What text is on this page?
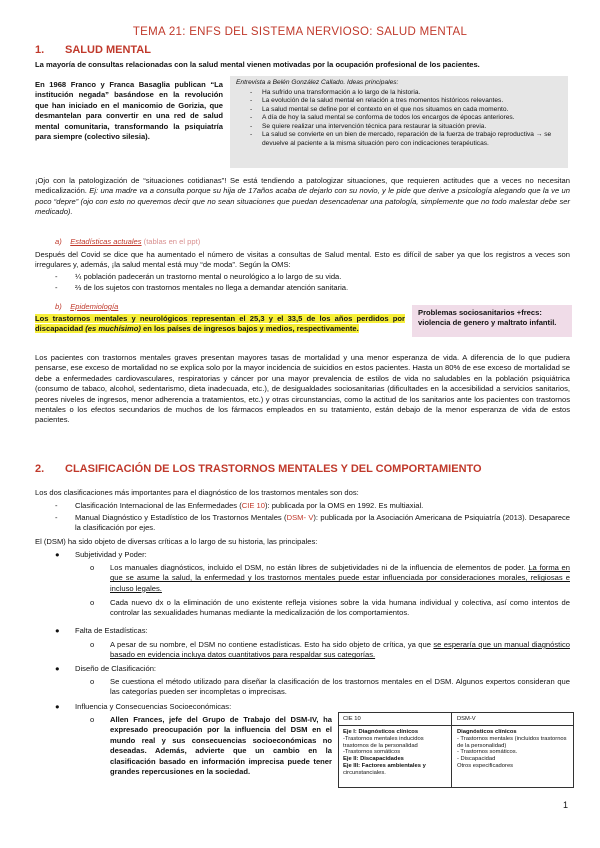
TEMA 21: ENFS DEL SISTEMA NERVIOSO: SALUD MENTAL
1. SALUD MENTAL
La mayoría de consultas relacionadas con la salud mental vienen motivadas por la ocupación profesional de los pacientes.
En 1968 Franco y Franca Basaglia publican “La institución negada” basándose en la revolución que han iniciado en el manicomio de Gorizia, que desmantelan para convertir en una red de salud mental comunitaria, transformando la psiquiatría para siempre (colectivo silesia).
Entrevista a Belén González Callado. Ideas principales:
- Ha sufrido una transformación a lo largo de la historia.
- La evolución de la salud mental en relación a tres momentos históricos relevantes.
- La salud mental se define por el contexto en el que nos situamos en cada momento.
- A día de hoy la salud mental se conforma de todos los encargos de épocas anteriores.
- Se quiere realizar una intervención técnica para restaurar la situación previa.
- La salud se convierte en un bien de mercado, reparación de la fuerza de trabajo reproductiva → se devuelve al paciente a la misma situación pero con indicaciones terapéuticas.
¡Ojo con la patologización de “situaciones cotidianas”! Se está tendiendo a patologizar situaciones, que requieren actitudes que a veces no necesitan medicalización. Ej: una madre va a consulta porque su hija de 17años acaba de dejarlo con su novio, y le pide que derive a psicología alegando que la ve un poco “depre” (ojo con esto no queremos decir que no sean situaciones que puedan desencadenar una patología, simplemente que no todo malestar debe ser medicado).
a) Estadísticas actuales (tablas en el ppt)
Después del Covid se dice que ha aumentado el número de visitas a consultas de Salud mental. Esto es difícil de saber ya que los registros a veces son irregulares y, además, ¡la salud mental está muy “de moda”. Según la OMS:
- ¼ población padecerán un trastorno mental o neurológico a lo largo de su vida.
- ⅔ de los sujetos con trastornos mentales no llega a demandar atención sanitaria.
b) Epidemiología
Los trastornos mentales y neurológicos representan el 25,3 y el 33,5 de los años perdidos por discapacidad (es muchísimo) en los países de ingresos bajos y medios, respectivamente.
Problemas sociosanitarios +frecs: violencia de genero y maltrato infantil.
Los pacientes con trastornos mentales graves presentan mayores tasas de mortalidad y una menor esperanza de vida. A diferencia de lo que pudiera pensarse, ese exceso de mortalidad no se explica solo por la mayor incidencia de suicidios en estos pacientes. Hasta un 80% de ese exceso de mortalidad se debe a enfermedades cardiovasculares, respiratorias y cáncer por una mayor prevalencia de estilos de vida no saludables en la población psiquiátrica (consumo de tabaco, alcohol, sedentarismo, dieta inadecuada, etc.), de desigualdades sociosanitarias (dificultades en la accesibilidad a servicios sanitarios, peores niveles de ingresos, menor adherencia a tratamientos, etc.) y otras circunstancias, como la actitud de los sanitarios ante los pacientes con trastornos mentales o los efectos secundarios de muchos de los fármacos empleados en su tratamiento, están debajo de la menor esperanza de vida de estos pacientes.
2. CLASIFICACIÓN DE LOS TRASTORNOS MENTALES Y DEL COMPORTAMIENTO
Los dos clasificaciones más importantes para el diagnóstico de los trastornos mentales son dos:
- Clasificación Internacional de las Enfermedades (CIE 10): publicada por la OMS en 1992. Es multiaxial.
- Manual Diagnóstico y Estadístico de los Trastornos Mentales (DSM- V): publicada por la Asociación Americana de Psiquiatría (2013). Desaparece la clasificación por ejes.
El (DSM) ha sido objeto de diversas críticas a lo largo de su historia, las principales:
● Subjetividad y Poder:
o Los manuales diagnósticos, incluido el DSM, no están libres de subjetividades ni de la influencia de elementos de poder. La forma en que se asume la salud, la enfermedad y los trastornos mentales puede estar influenciada por consideraciones morales, religiosas e incluso legales.
o Cada nuevo dx o la eliminación de uno existente refleja visiones sobre la vida humana individual y colectiva, así como intentos de controlar las sexualidades humanas mediante la medicalización de los comportamientos.
● Falta de Estadísticas:
o A pesar de su nombre, el DSM no contiene estadísticas. Esto ha sido objeto de crítica, ya que se esperaría que un manual diagnóstico basado en evidencia incluya datos cuantitativos para respaldar sus categorías.
● Diseño de Clasificación:
o Se cuestiona el método utilizado para diseñar la clasificación de los trastornos mentales en el DSM. Algunos expertos consideran que las categorías pueden ser incompletas o imprecisas.
● Influencia y Consecuencias Socioeconómicas:
o Allen Frances, jefe del Grupo de Trabajo del DSM-IV, ha expresado preocupación por la influencia del DSM en el mundo real y sus consecuencias socioeconómicas no deseadas. Además, advierte que un cambio en la clasificación basado en información imprecisa puede tener grandes repercusiones en la sociedad.
CIE 10	DSM-V
Eje I: Diagnósticos clínicos
-Trastornos mentales inducidos
trastornos de la personalidad
-Trastornos somáticos
Eje II: Discapacidades
Eje III: Factores ambientales y
circunstanciales.
Diagnósticos clínicos
- Trastornos mentales (incluidos trastornos
de la personalidad)
- Trastornos somáticos.
- Discapacidad
Otros especificadores
1
